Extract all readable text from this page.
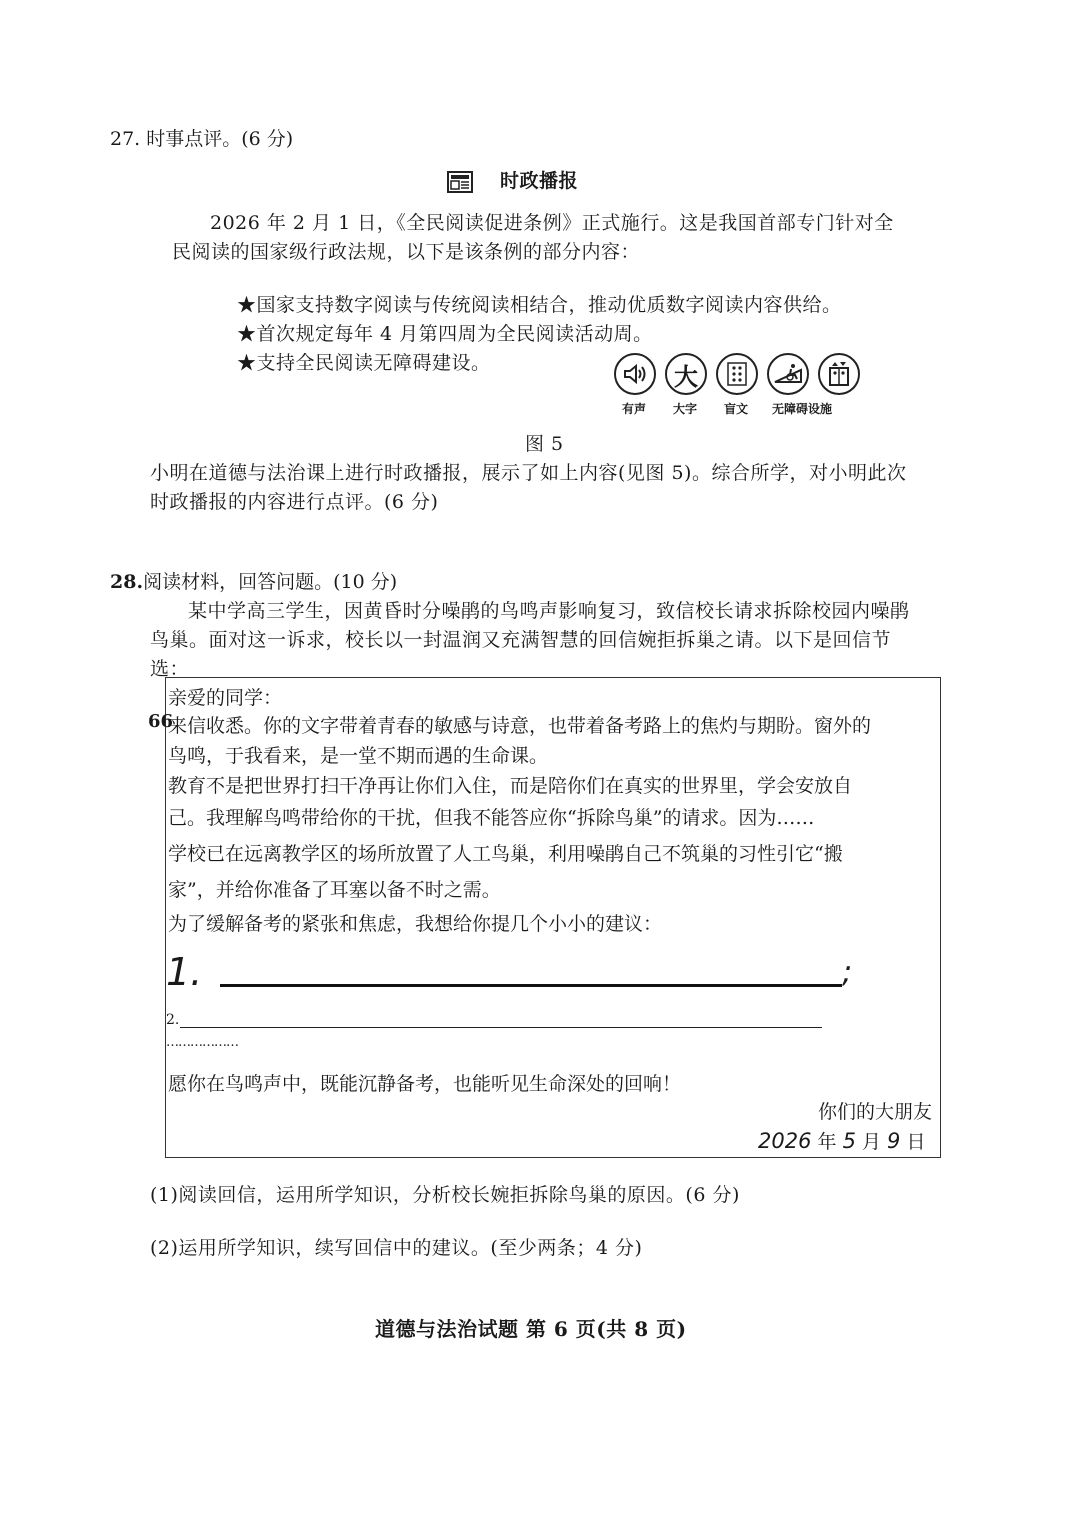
27. 时事点评。(6 分)
时政播报
2026 年 2 月 1 日，《全民阅读促进条例》正式施行。这是我国首部专门针对全
民阅读的国家级行政法规，以下是该条例的部分内容：
★国家支持数字阅读与传统阅读相结合，推动优质数字阅读内容供给。
★首次规定每年 4 月第四周为全民阅读活动周。
★支持全民阅读无障碍建设。	大
有声 大字 盲文 无障碍设施
图 5
小明在道德与法治课上进行时政播报，展示了如上内容(见图 5)。综合所学，对小明此次
时政播报的内容进行点评。(6 分)
28.阅读材料，回答问题。(10 分)
某中学高三学生，因黄昏时分噪鹃的鸟鸣声影响复习，致信校长请求拆除校园内噪鹃
鸟巢。面对这一诉求，校长以一封温润又充满智慧的回信婉拒拆巢之请。以下是回信节
选：
亲爱的同学：
66
来信收悉。你的文字带着青春的敏感与诗意，也带着备考路上的焦灼与期盼。窗外的
鸟鸣，于我看来，是一堂不期而遇的生命课。
教育不是把世界打扫干净再让你们入住，而是陪你们在真实的世界里，学会安放自
己。我理解鸟鸣带给你的干扰，但我不能答应你“拆除鸟巢”的请求。因为……
学校已在远离教学区的场所放置了人工鸟巢，利用噪鹃自己不筑巢的习性引它“搬
家”，并给你准备了耳塞以备不时之需。
为了缓解备考的紧张和焦虑，我想给你提几个小小的建议：
1.	;
2.
………………
愿你在鸟鸣声中，既能沉静备考，也能听见生命深处的回响！
你们的大朋友
2026 年 5 月 9 日
(1)阅读回信，运用所学知识，分析校长婉拒拆除鸟巢的原因。(6 分)
(2)运用所学知识，续写回信中的建议。(至少两条；4 分)
道德与法治试题 第 6 页(共 8 页)
